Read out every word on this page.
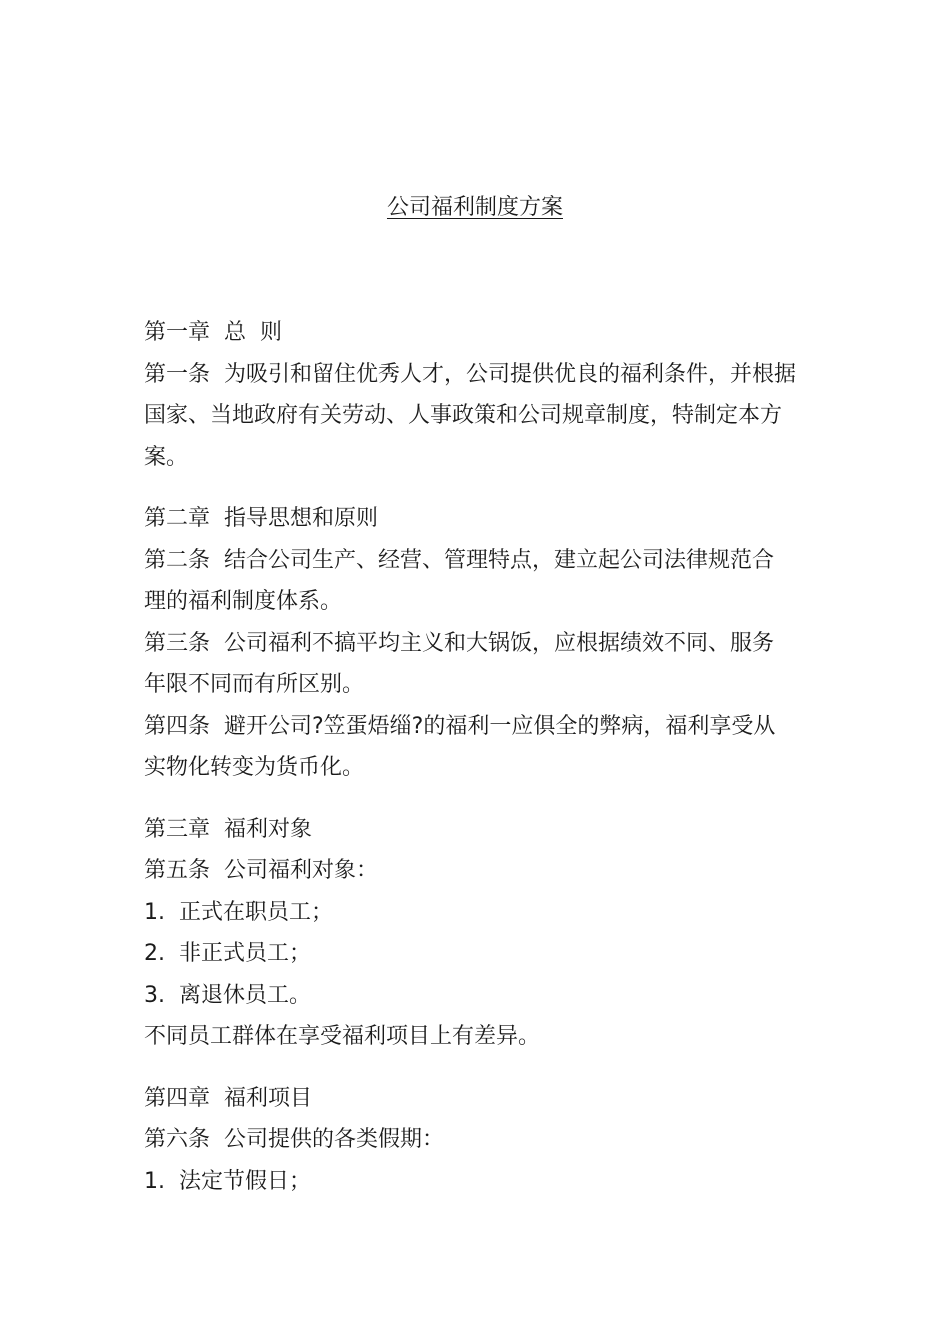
公司福利制度方案
第一章  总  则
第一条  为吸引和留住优秀人才，公司提供优良的福利条件，并根据
国家、当地政府有关劳动、人事政策和公司规章制度，特制定本方
案。
第二章  指导思想和原则
第二条  结合公司生产、经营、管理特点，建立起公司法律规范合
理的福利制度体系。
第三条  公司福利不搞平均主义和大锅饭，应根据绩效不同、服务
年限不同而有所区别。
第四条  避开公司?笠蛋焐缁?的福利一应俱全的弊病，福利享受从
实物化转变为货币化。
第三章  福利对象
第五条  公司福利对象：
1.  正式在职员工；
2.  非正式员工；
3.  离退休员工。
不同员工群体在享受福利项目上有差异。
第四章  福利项目
第六条  公司提供的各类假期：
1.  法定节假日；
